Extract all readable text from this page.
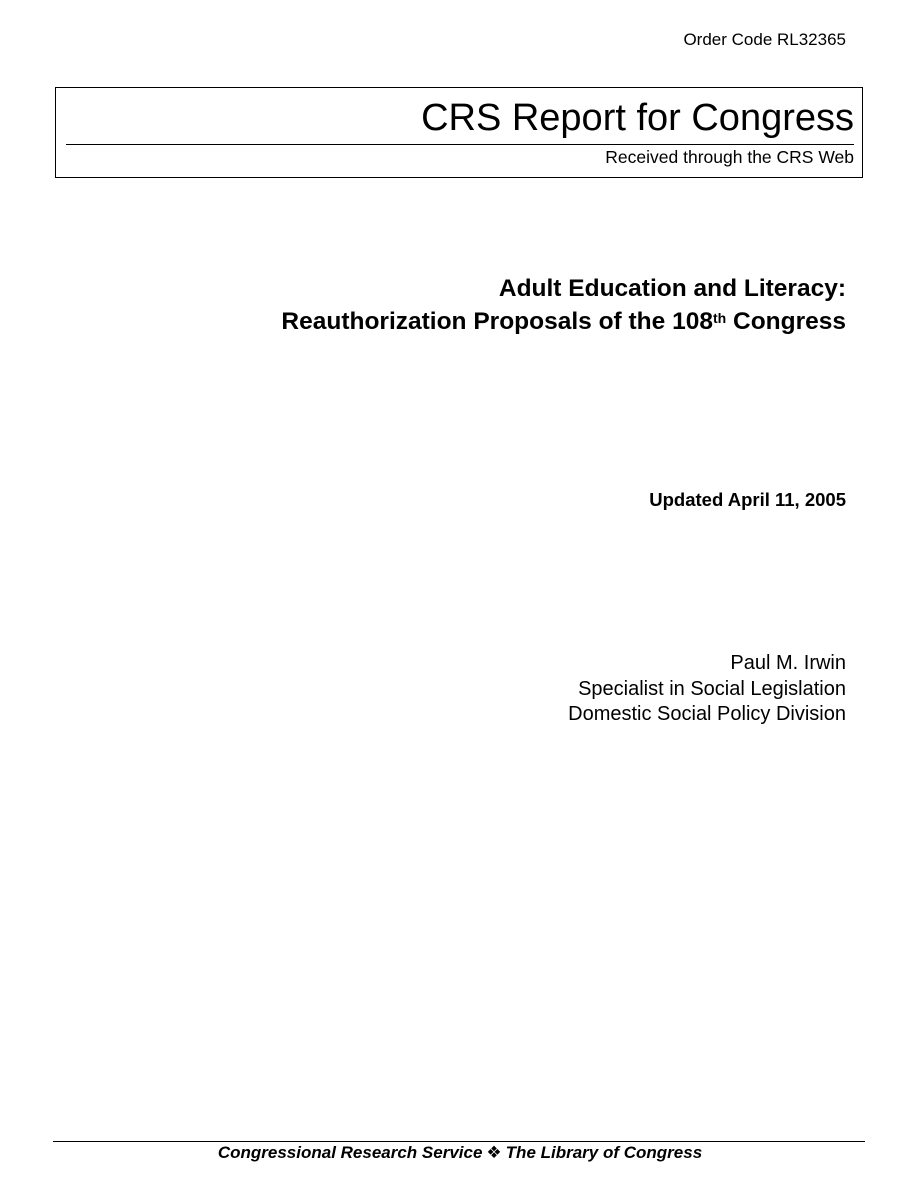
Order Code RL32365
CRS Report for Congress
Received through the CRS Web
Adult Education and Literacy:
Reauthorization Proposals of the 108th Congress
Updated April 11, 2005
Paul M. Irwin
Specialist in Social Legislation
Domestic Social Policy Division
Congressional Research Service ❖ The Library of Congress
